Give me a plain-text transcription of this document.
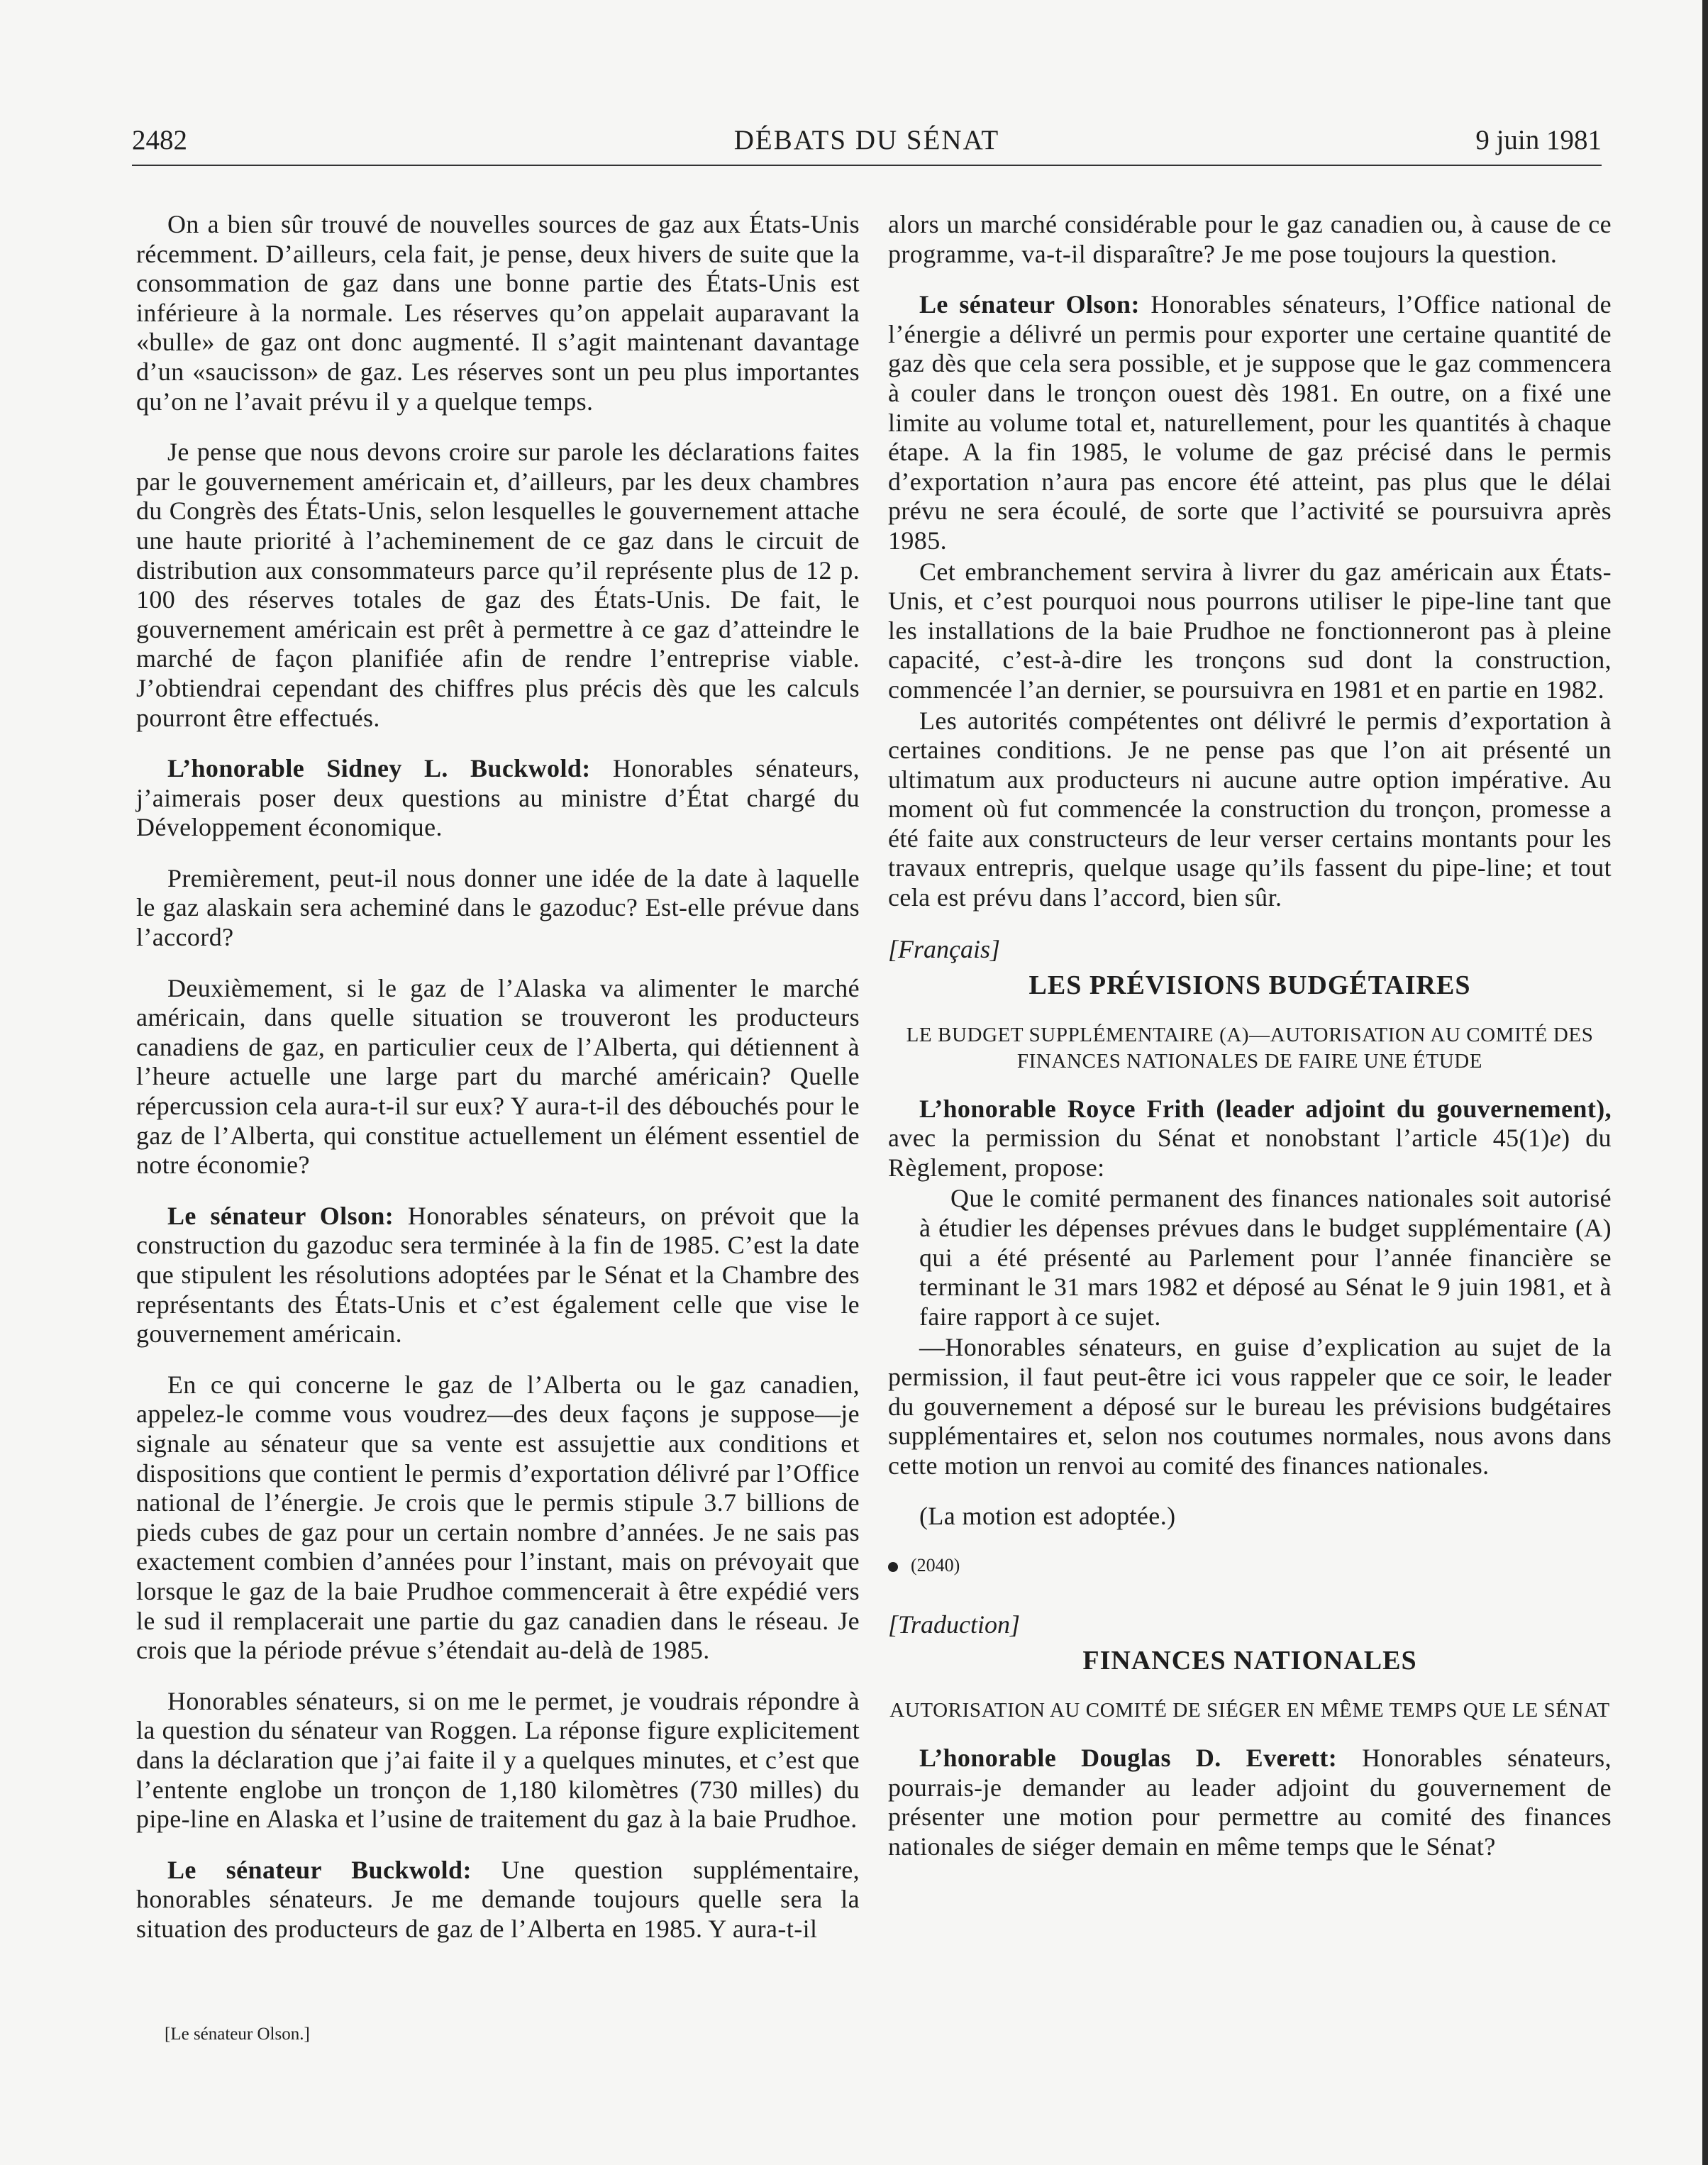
DÉBATS DU SÉNAT
2482	9 juin 1981

On a bien sûr trouvé de nouvelles sources de gaz aux États-Unis récemment. D’ailleurs, cela fait, je pense, deux hivers de suite que la consommation de gaz dans une bonne partie des États-Unis est inférieure à la normale. Les réserves qu’on appelait auparavant la «bulle» de gaz ont donc augmenté. Il s’agit maintenant davantage d’un «saucisson» de gaz. Les réserves sont un peu plus importantes qu’on ne l’avait prévu il y a quelque temps.

Je pense que nous devons croire sur parole les déclarations faites par le gouvernement américain et, d’ailleurs, par les deux chambres du Congrès des États-Unis, selon lesquelles le gouvernement attache une haute priorité à l’acheminement de ce gaz dans le circuit de distribution aux consommateurs parce qu’il représente plus de 12 p. 100 des réserves totales de gaz des États-Unis. De fait, le gouvernement américain est prêt à permettre à ce gaz d’atteindre le marché de façon planifiée afin de rendre l’entreprise viable. J’obtiendrai cependant des chiffres plus précis dès que les calculs pourront être effectués.

L’honorable Sidney L. Buckwold: Honorables sénateurs, j’aimerais poser deux questions au ministre d’État chargé du Développement économique.

Premièrement, peut-il nous donner une idée de la date à laquelle le gaz alaskain sera acheminé dans le gazoduc? Est-elle prévue dans l’accord?

Deuxièmement, si le gaz de l’Alaska va alimenter le marché américain, dans quelle situation se trouveront les producteurs canadiens de gaz, en particulier ceux de l’Alberta, qui détiennent à l’heure actuelle une large part du marché américain? Quelle répercussion cela aura-t-il sur eux? Y aura-t-il des débouchés pour le gaz de l’Alberta, qui constitue actuellement un élément essentiel de notre économie?

Le sénateur Olson: Honorables sénateurs, on prévoit que la construction du gazoduc sera terminée à la fin de 1985. C’est la date que stipulent les résolutions adoptées par le Sénat et la Chambre des représentants des États-Unis et c’est également celle que vise le gouvernement américain.

En ce qui concerne le gaz de l’Alberta ou le gaz canadien, appelez-le comme vous voudrez—des deux façons je suppose—je signale au sénateur que sa vente est assujettie aux conditions et dispositions que contient le permis d’exportation délivré par l’Office national de l’énergie. Je crois que le permis stipule 3.7 billions de pieds cubes de gaz pour un certain nombre d’années. Je ne sais pas exactement combien d’années pour l’instant, mais on prévoyait que lorsque le gaz de la baie Prudhoe commencerait à être expédié vers le sud il remplacerait une partie du gaz canadien dans le réseau. Je crois que la période prévue s’étendait au-delà de 1985.

Honorables sénateurs, si on me le permet, je voudrais répondre à la question du sénateur van Roggen. La réponse figure explicitement dans la déclaration que j’ai faite il y a quelques minutes, et c’est que l’entente englobe un tronçon de 1,180 kilomètres (730 milles) du pipe-line en Alaska et l’usine de traitement du gaz à la baie Prudhoe.

Le sénateur Buckwold: Une question supplémentaire, honorables sénateurs. Je me demande toujours quelle sera la situation des producteurs de gaz de l’Alberta en 1985. Y aura-t-il

[Le sénateur Olson.]

alors un marché considérable pour le gaz canadien ou, à cause de ce programme, va-t-il disparaître? Je me pose toujours la question.

Le sénateur Olson: Honorables sénateurs, l’Office national de l’énergie a délivré un permis pour exporter une certaine quantité de gaz dès que cela sera possible, et je suppose que le gaz commencera à couler dans le tronçon ouest dès 1981. En outre, on a fixé une limite au volume total et, naturellement, pour les quantités à chaque étape. A la fin 1985, le volume de gaz précisé dans le permis d’exportation n’aura pas encore été atteint, pas plus que le délai prévu ne sera écoulé, de sorte que l’activité se poursuivra après 1985.

Cet embranchement servira à livrer du gaz américain aux États-Unis, et c’est pourquoi nous pourrons utiliser le pipe-line tant que les installations de la baie Prudhoe ne fonctionneront pas à pleine capacité, c’est-à-dire les tronçons sud dont la construction, commencée l’an dernier, se poursuivra en 1981 et en partie en 1982.

Les autorités compétentes ont délivré le permis d’exportation à certaines conditions. Je ne pense pas que l’on ait présenté un ultimatum aux producteurs ni aucune autre option impérative. Au moment où fut commencée la construction du tronçon, promesse a été faite aux constructeurs de leur verser certains montants pour les travaux entrepris, quelque usage qu’ils fassent du pipe-line; et tout cela est prévu dans l’accord, bien sûr.

[Français]
LES PRÉVISIONS BUDGÉTAIRES
LE BUDGET SUPPLÉMENTAIRE (A)—AUTORISATION AU COMITÉ DES FINANCES NATIONALES DE FAIRE UNE ÉTUDE

L’honorable Royce Frith (leader adjoint du gouvernement), avec la permission du Sénat et nonobstant l’article 45(1)e) du Règlement, propose:

Que le comité permanent des finances nationales soit autorisé à étudier les dépenses prévues dans le budget supplémentaire (A) qui a été présenté au Parlement pour l’année financière se terminant le 31 mars 1982 et déposé au Sénat le 9 juin 1981, et à faire rapport à ce sujet.

—Honorables sénateurs, en guise d’explication au sujet de la permission, il faut peut-être ici vous rappeler que ce soir, le leader du gouvernement a déposé sur le bureau les prévisions budgétaires supplémentaires et, selon nos coutumes normales, nous avons dans cette motion un renvoi au comité des finances nationales.

(La motion est adoptée.)

(2040)
[Traduction]
FINANCES NATIONALES
AUTORISATION AU COMITÉ DE SIÉGER EN MÊME TEMPS QUE LE SÉNAT

L’honorable Douglas D. Everett: Honorables sénateurs, pourrais-je demander au leader adjoint du gouvernement de présenter une motion pour permettre au comité des finances nationales de siéger demain en même temps que le Sénat?
